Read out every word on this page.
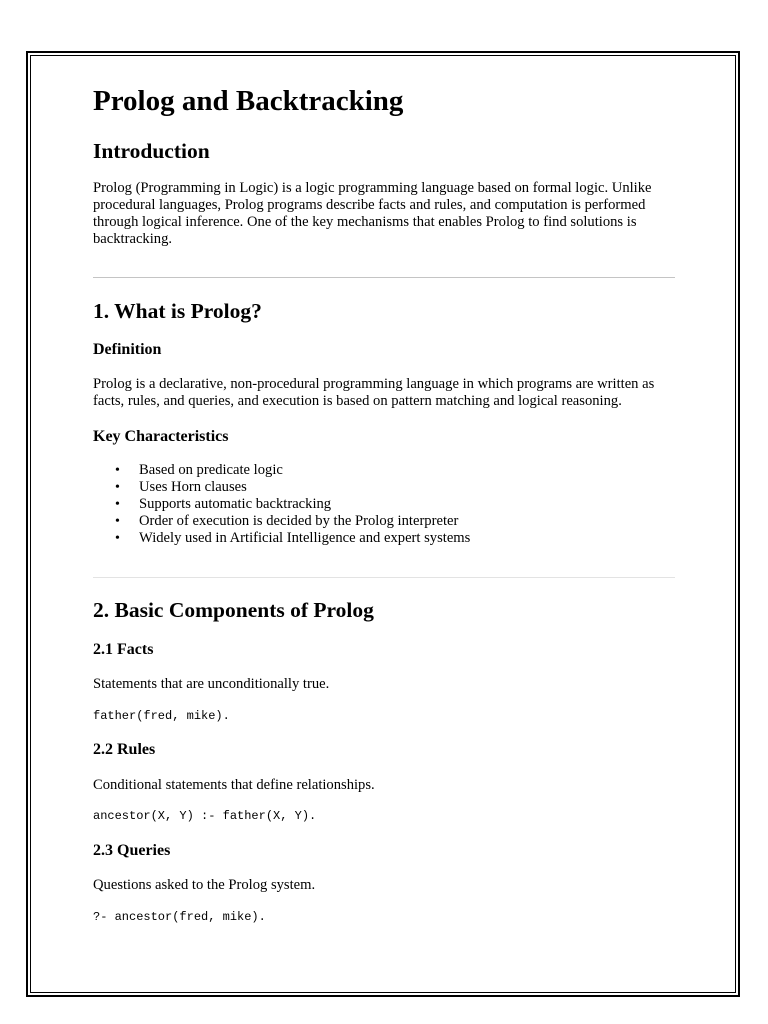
Prolog and Backtracking
Introduction

Prolog (Programming in Logic) is a logic programming language based on formal logic. Unlike procedural languages, Prolog programs describe facts and rules, and computation is performed through logical inference. One of the key mechanisms that enables Prolog to find solutions is backtracking.

1. What is Prolog?
Definition

Prolog is a declarative, non-procedural programming language in which programs are written as facts, rules, and queries, and execution is based on pattern matching and logical reasoning.

Key Characteristics
• Based on predicate logic
• Uses Horn clauses
• Supports automatic backtracking
• Order of execution is decided by the Prolog interpreter
• Widely used in Artificial Intelligence and expert systems
2. Basic Components of Prolog
2.1 Facts

Statements that are unconditionally true.

father(fred, mike).
2.2 Rules

Conditional statements that define relationships.

ancestor(X, Y) :- father(X, Y).
2.3 Queries

Questions asked to the Prolog system.

?- ancestor(fred, mike).
